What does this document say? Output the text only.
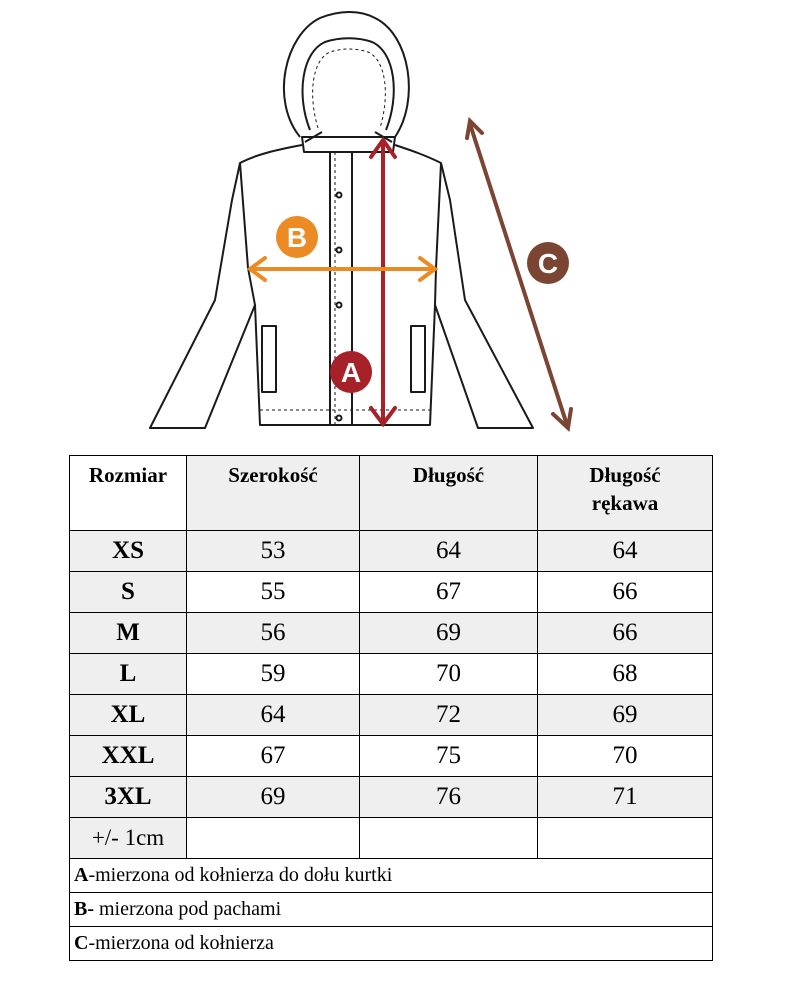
B
A
C
Rozmiar	Szerokość	Długość	Długość
rękawa
XS	53	64	64
S	55	67	66
M	56	69	66
L	59	70	68
XL	64	72	69
XXL	67	75	70
3XL	69	76	71
+/- 1cm			
A-mierzona od kołnierza do dołu kurtki			
B- mierzona pod pachami			
C-mierzona od kołnierza			
